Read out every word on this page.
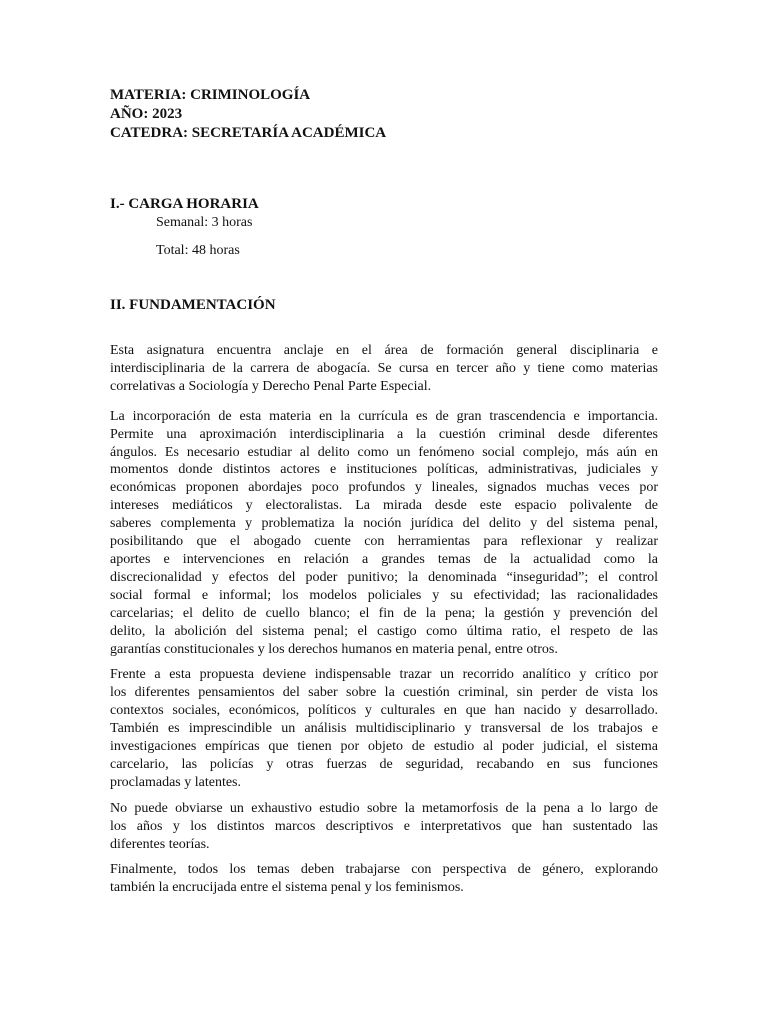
MATERIA: CRIMINOLOGÍA
AÑO: 2023
CATEDRA: SECRETARÍA ACADÉMICA
I.- CARGA HORARIA
Semanal: 3 horas
Total: 48 horas
II. FUNDAMENTACIÓN

Esta asignatura encuentra anclaje en el área de formación general disciplinaria e
interdisciplinaria de la carrera de abogacía. Se cursa en tercer año y tiene como materias
correlativas a Sociología y Derecho Penal Parte Especial.

La incorporación de esta materia en la currícula es de gran trascendencia e importancia.
Permite una aproximación interdisciplinaria a la cuestión criminal desde diferentes
ángulos. Es necesario estudiar al delito como un fenómeno social complejo, más aún en
momentos donde distintos actores e instituciones políticas, administrativas, judiciales y
económicas proponen abordajes poco profundos y lineales, signados muchas veces por
intereses mediáticos y electoralistas. La mirada desde este espacio polivalente de
saberes complementa y problematiza la noción jurídica del delito y del sistema penal,
posibilitando que el abogado cuente con herramientas para reflexionar y realizar
aportes e intervenciones en relación a grandes temas de la actualidad como la
discrecionalidad y efectos del poder punitivo; la denominada “inseguridad”; el control
social formal e informal; los modelos policiales y su efectividad; las racionalidades
carcelarias; el delito de cuello blanco; el fin de la pena; la gestión y prevención del
delito, la abolición del sistema penal; el castigo como última ratio, el respeto de las
garantías constitucionales y los derechos humanos en materia penal, entre otros.

Frente a esta propuesta deviene indispensable trazar un recorrido analítico y crítico por
los diferentes pensamientos del saber sobre la cuestión criminal, sin perder de vista los
contextos sociales, económicos, políticos y culturales en que han nacido y desarrollado.
También es imprescindible un análisis multidisciplinario y transversal de los trabajos e
investigaciones empíricas que tienen por objeto de estudio al poder judicial, el sistema
carcelario, las policías y otras fuerzas de seguridad, recabando en sus funciones
proclamadas y latentes.

No puede obviarse un exhaustivo estudio sobre la metamorfosis de la pena a lo largo de
los años y los distintos marcos descriptivos e interpretativos que han sustentado las
diferentes teorías.

Finalmente, todos los temas deben trabajarse con perspectiva de género, explorando
también la encrucijada entre el sistema penal y los feminismos.
